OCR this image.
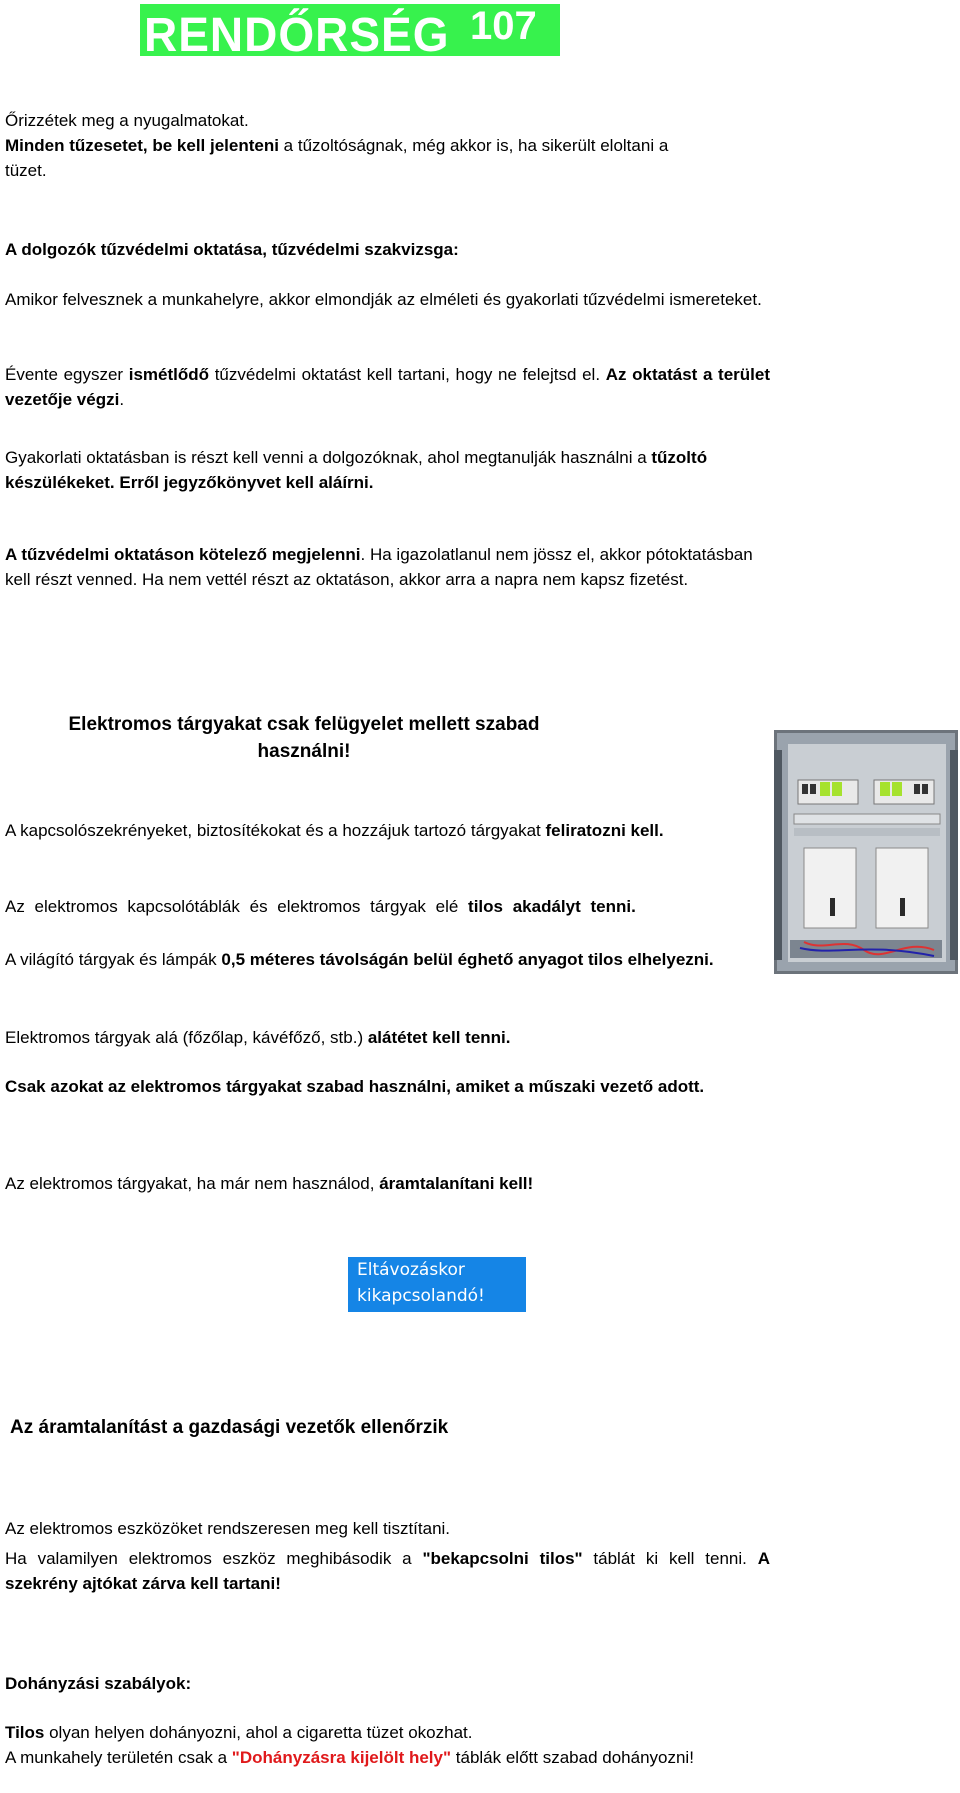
RENDŐRSÉG 107
Őrizzétek meg a nyugalmatokat.
Minden tűzesetet, be kell jelenteni a tűzoltóságnak, még akkor is, ha sikerült eloltani a tüzet.
A dolgozók tűzvédelmi oktatása, tűzvédelmi szakvizsga:
Amikor felvesznek a munkahelyre, akkor elmondják az elméleti és gyakorlati tűzvédelmi ismereteket.
Évente egyszer ismétlődő tűzvédelmi oktatást kell tartani, hogy ne felejtsd el. Az oktatást a terület vezetője végzi.
Gyakorlati oktatásban is részt kell venni a dolgozóknak, ahol megtanulják használni a tűzoltó készülékeket. Erről jegyzőkönyvet kell aláírni.
A tűzvédelmi oktatáson kötelező megjelenni. Ha igazolatlanul nem jössz el, akkor pótoktatásban kell részt venned. Ha nem vettél részt az oktatáson, akkor arra a napra nem kapsz fizetést.
Elektromos tárgyakat csak felügyelet mellett szabad
használni!
A kapcsolószekrényeket, biztosítékokat és a hozzájuk tartozó tárgyakat feliratozni kell.
Az elektromos kapcsolótáblák és elektromos tárgyak elé tilos akadályt tenni.
A világító tárgyak és lámpák 0,5 méteres távolságán belül éghető anyagot tilos elhelyezni.
Elektromos tárgyak alá (főzőlap, kávéfőző, stb.) alátétet kell tenni.
Csak azokat az elektromos tárgyakat szabad használni, amiket a műszaki vezető adott.
Az elektromos tárgyakat, ha már nem használod, áramtalanítani kell!
Eltávozáskor
kikapcsolandó!
Az áramtalanítást a gazdasági vezetők ellenőrzik
Az elektromos eszközöket rendszeresen meg kell tisztítani.
Ha valamilyen elektromos eszköz meghibásodik a "bekapcsolni tilos" táblát ki kell tenni. A szekrény ajtókat zárva kell tartani!
Dohányzási szabályok:
Tilos olyan helyen dohányozni, ahol a cigaretta tüzet okozhat.
A munkahely területén csak a "Dohányzásra kijelölt hely" táblák előtt szabad dohányozni!
